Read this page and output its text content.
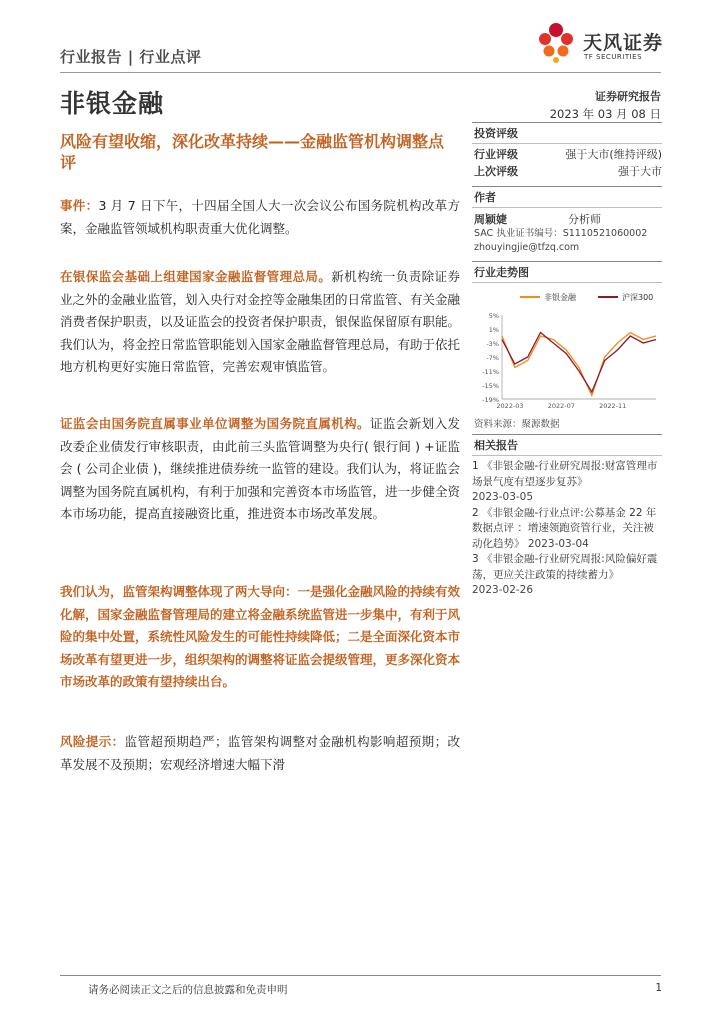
行业报告 | 行业点评
天风证券
TF SECURITIES
非银金融	证券研究报告
2023 年 03 月 08 日
风险有望收缩，深化改革持续——金融监管机构调整点评
事件：3 月 7 日下午，十四届全国人大一次会议公布国务院机构改革方案，金融监管领域机构职责重大优化调整。
在银保监会基础上组建国家金融监督管理总局。新机构统一负责除证券业之外的金融业监管，划入央行对金控等金融集团的日常监管、有关金融消费者保护职责，以及证监会的投资者保护职责，银保监保留原有职能。我们认为，将金控日常监管职能划入国家金融监督管理总局，有助于依托地方机构更好实施日常监管，完善宏观审慎监管。
证监会由国务院直属事业单位调整为国务院直属机构。证监会新划入发改委企业债发行审核职责，由此前三头监管调整为央行( 银行间 ) +证监会 ( 公司企业债 )，继续推进债券统一监管的建设。我们认为，将证监会调整为国务院直属机构，有利于加强和完善资本市场监管，进一步健全资本市场功能，提高直接融资比重，推进资本市场改革发展。
我们认为，监管架构调整体现了两大导向：一是强化金融风险的持续有效化解，国家金融监督管理局的建立将金融系统监管进一步集中，有利于风险的集中处置，系统性风险发生的可能性持续降低；二是全面深化资本市场改革有望更进一步，组织架构的调整将证监会提级管理，更多深化资本市场改革的政策有望持续出台。
风险提示：监管超预期趋严；监管架构调整对金融机构影响超预期；改革发展不及预期；宏观经济增速大幅下滑
投资评级
行业评级	强于大市(维持评级)
上次评级	强于大市
作者
周颖婕	分析师
SAC 执业证书编号：S1110521060002
zhouyingjie@tfzq.com
行业走势图
非银金融	沪深300
5%
1%
-3%
-7%
-11%
-15%
-19%
2022-03	2022-07	2022-11
资料来源：聚源数据
相关报告
1 《非银金融-行业研究周报:财富管理市场景气度有望逐步复苏》
2023-03-05
2 《非银金融-行业点评:公募基金 22 年数据点评 ：增速领跑资管行业，关注被动化趋势》 2023-03-04
3 《非银金融-行业研究周报:风险偏好震荡，更应关注政策的持续蓄力》
2023-02-26
请务必阅读正文之后的信息披露和免责申明	1
